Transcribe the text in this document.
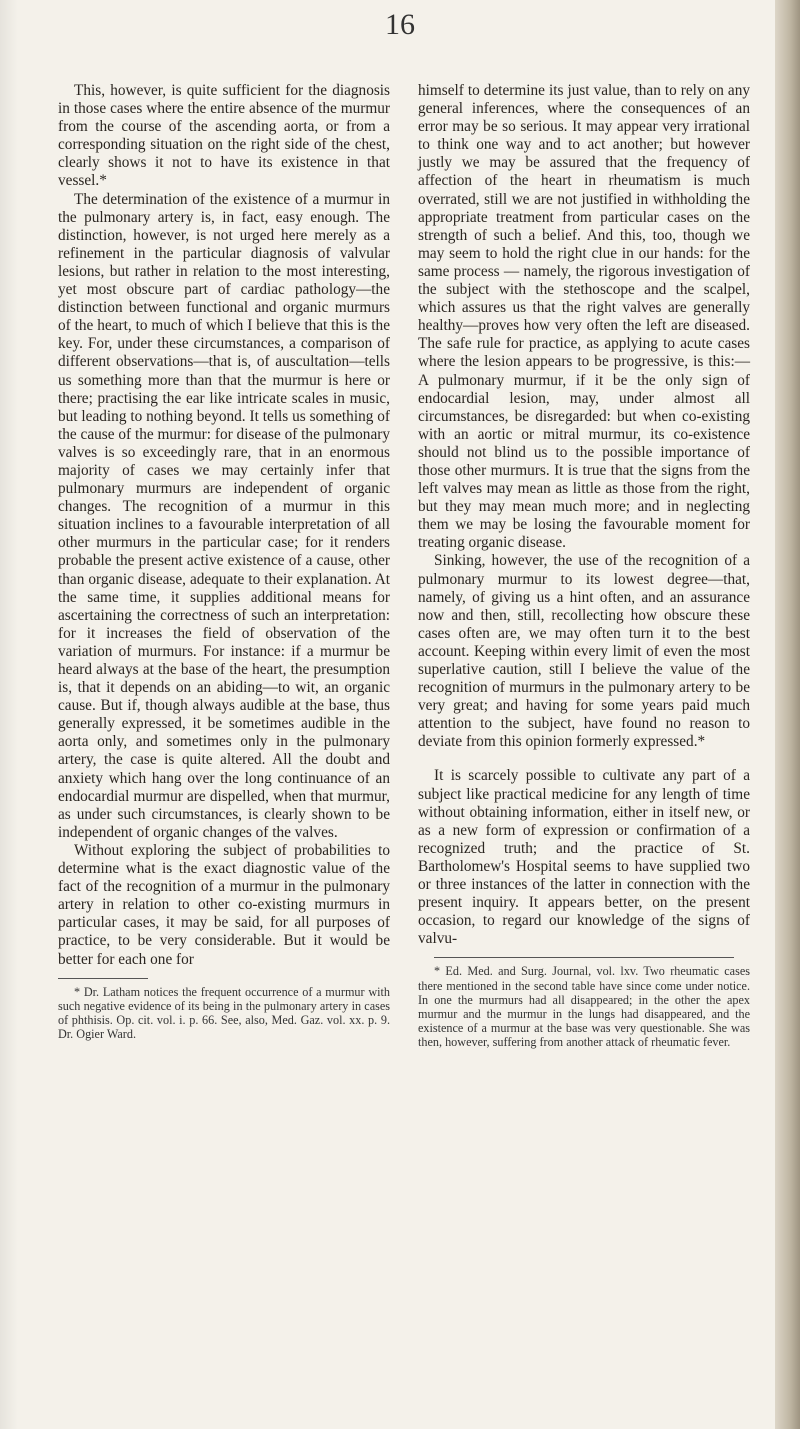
16

This, however, is quite sufficient for the diagnosis in those cases where the entire absence of the murmur from the course of the ascending aorta, or from a corresponding situation on the right side of the chest, clearly shows it not to have its existence in that vessel.*

The determination of the existence of a murmur in the pulmonary artery is, in fact, easy enough. The distinction, however, is not urged here merely as a refinement in the particular diagnosis of valvular lesions, but rather in relation to the most interesting, yet most obscure part of cardiac pathology—the distinction between functional and organic murmurs of the heart, to much of which I believe that this is the key. For, under these circumstances, a comparison of different observations—that is, of auscultation—tells us something more than that the murmur is here or there; practising the ear like intricate scales in music, but leading to nothing beyond. It tells us something of the cause of the murmur: for disease of the pulmonary valves is so exceedingly rare, that in an enormous majority of cases we may certainly infer that pulmonary murmurs are independent of organic changes. The recognition of a murmur in this situation inclines to a favourable interpretation of all other murmurs in the particular case; for it renders probable the present active existence of a cause, other than organic disease, adequate to their explanation. At the same time, it supplies additional means for ascertaining the correctness of such an interpretation: for it increases the field of observation of the variation of murmurs. For instance: if a murmur be heard always at the base of the heart, the presumption is, that it depends on an abiding—to wit, an organic cause. But if, though always audible at the base, thus generally expressed, it be sometimes audible in the aorta only, and sometimes only in the pulmonary artery, the case is quite altered. All the doubt and anxiety which hang over the long continuance of an endocardial murmur are dispelled, when that murmur, as under such circumstances, is clearly shown to be independent of organic changes of the valves.

Without exploring the subject of probabilities to determine what is the exact diagnostic value of the fact of the recognition of a murmur in the pulmonary artery in relation to other co-existing murmurs in particular cases, it may be said, for all purposes of practice, to be very considerable. But it would be better for each one for

* Dr. Latham notices the frequent occurrence of a murmur with such negative evidence of its being in the pulmonary artery in cases of phthisis. Op. cit. vol. i. p. 66. See, also, Med. Gaz. vol. xx. p. 9. Dr. Ogier Ward.

himself to determine its just value, than to rely on any general inferences, where the consequences of an error may be so serious. It may appear very irrational to think one way and to act another; but however justly we may be assured that the frequency of affection of the heart in rheumatism is much overrated, still we are not justified in withholding the appropriate treatment from particular cases on the strength of such a belief. And this, too, though we may seem to hold the right clue in our hands: for the same process — namely, the rigorous investigation of the subject with the stethoscope and the scalpel, which assures us that the right valves are generally healthy—proves how very often the left are diseased. The safe rule for practice, as applying to acute cases where the lesion appears to be progressive, is this:—A pulmonary murmur, if it be the only sign of endocardial lesion, may, under almost all circumstances, be disregarded: but when co-existing with an aortic or mitral murmur, its co-existence should not blind us to the possible importance of those other murmurs. It is true that the signs from the left valves may mean as little as those from the right, but they may mean much more; and in neglecting them we may be losing the favourable moment for treating organic disease.

Sinking, however, the use of the recognition of a pulmonary murmur to its lowest degree—that, namely, of giving us a hint often, and an assurance now and then, still, recollecting how obscure these cases often are, we may often turn it to the best account. Keeping within every limit of even the most superlative caution, still I believe the value of the recognition of murmurs in the pulmonary artery to be very great; and having for some years paid much attention to the subject, have found no reason to deviate from this opinion formerly expressed.*

It is scarcely possible to cultivate any part of a subject like practical medicine for any length of time without obtaining information, either in itself new, or as a new form of expression or confirmation of a recognized truth; and the practice of St. Bartholomew's Hospital seems to have supplied two or three instances of the latter in connection with the present inquiry. It appears better, on the present occasion, to regard our knowledge of the signs of valvu-

* Ed. Med. and Surg. Journal, vol. lxv. Two rheumatic cases there mentioned in the second table have since come under notice. In one the murmurs had all disappeared; in the other the apex murmur and the murmur in the lungs had disappeared, and the existence of a murmur at the base was very questionable. She was then, however, suffering from another attack of rheumatic fever.
